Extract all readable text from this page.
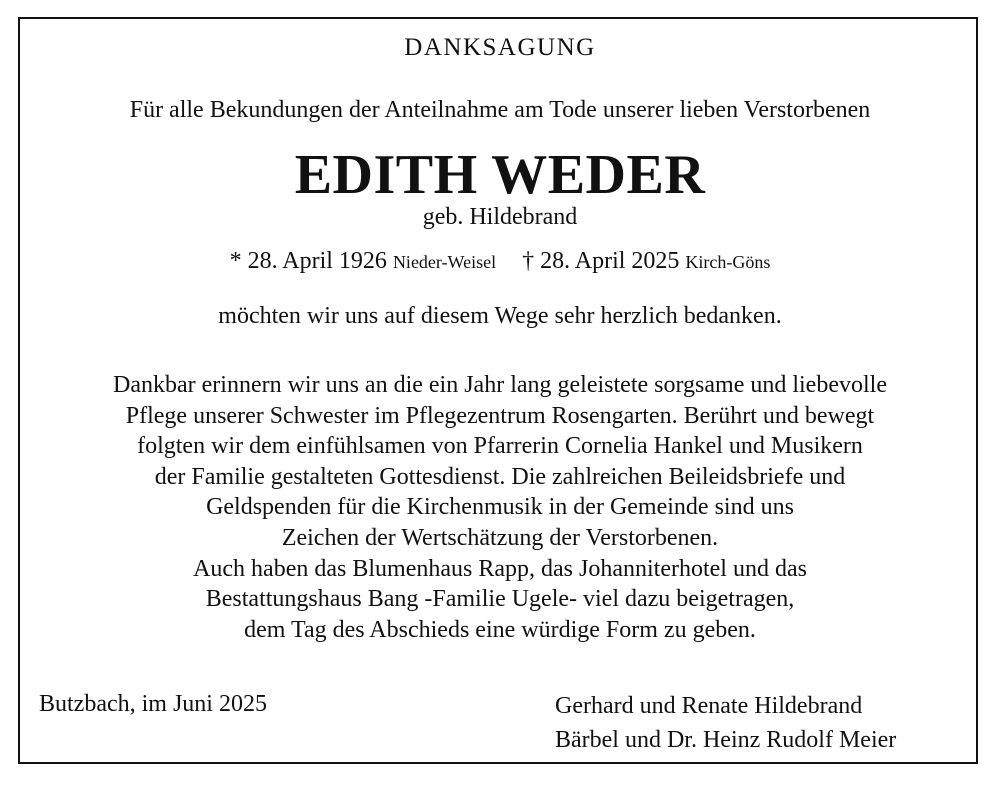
DANKSAGUNG
Für alle Bekundungen der Anteilnahme am Tode unserer lieben Verstorbenen
EDITH WEDER
geb. Hildebrand
* 28. April 1926 Nieder-Weisel † 28. April 2025 Kirch-Göns
möchten wir uns auf diesem Wege sehr herzlich bedanken.
Dankbar erinnern wir uns an die ein Jahr lang geleistete sorgsame und liebevolle
Pflege unserer Schwester im Pflegezentrum Rosengarten. Berührt und bewegt
folgten wir dem einfühlsamen von Pfarrerin Cornelia Hankel und Musikern
der Familie gestalteten Gottesdienst. Die zahlreichen Beileidsbriefe und
Geldspenden für die Kirchenmusik in der Gemeinde sind uns
Zeichen der Wertschätzung der Verstorbenen.
Auch haben das Blumenhaus Rapp, das Johanniterhotel und das
Bestattungshaus Bang -Familie Ugele- viel dazu beigetragen,
dem Tag des Abschieds eine würdige Form zu geben.
Butzbach, im Juni 2025	Gerhard und Renate Hildebrand
Bärbel und Dr. Heinz Rudolf Meier
